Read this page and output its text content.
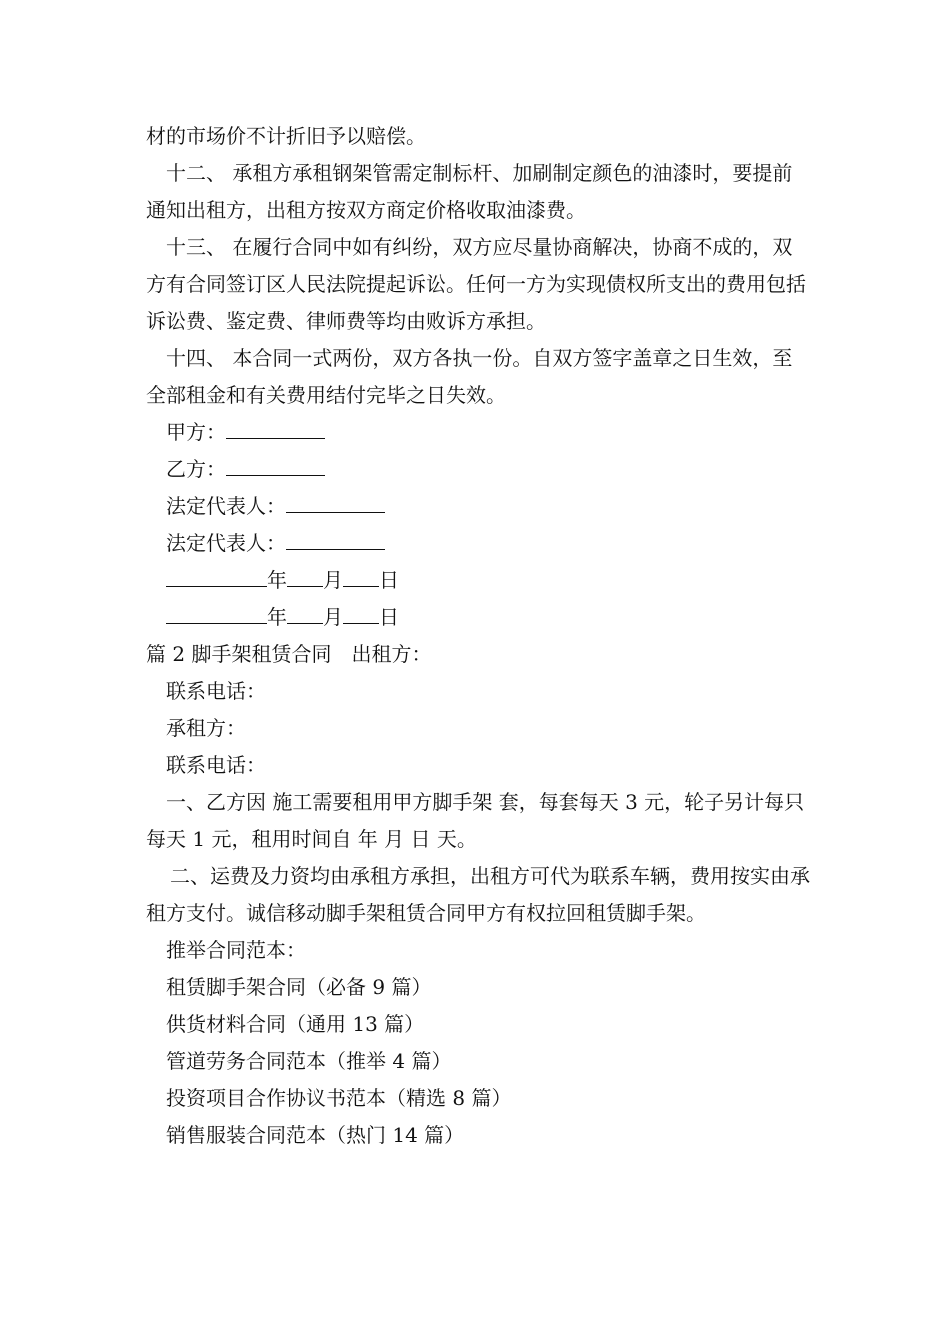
材的市场价不计折旧予以赔偿。

十二、 承租方承租钢架管需定制标杆、加刷制定颜色的油漆时，要提前通知出租方，出租方按双方商定价格收取油漆费。

十三、 在履行合同中如有纠纷，双方应尽量协商解决，协商不成的，双方有合同签订区人民法院提起诉讼。任何一方为实现债权所支出的费用包括诉讼费、鉴定费、律师费等均由败诉方承担。

十四、 本合同一式两份，双方各执一份。自双方签字盖章之日生效，至全部租金和有关费用结付完毕之日失效。

甲方：

乙方：

法定代表人：

法定代表人：

年 月 日

年 月 日

篇 2 脚手架租赁合同　出租方：

联系电话：

承租方：

联系电话：

一、乙方因 施工需要租用甲方脚手架 套，每套每天 3 元，轮子另计每只每天 1 元，租用时间自 年 月 日 天。

二、运费及力资均由承租方承担，出租方可代为联系车辆，费用按实由承租方支付。诚信移动脚手架租赁合同甲方有权拉回租赁脚手架。

推举合同范本：

租赁脚手架合同（必备 9 篇）

供货材料合同（通用 13 篇）

管道劳务合同范本（推举 4 篇）

投资项目合作协议书范本（精选 8 篇）

销售服装合同范本（热门 14 篇）
